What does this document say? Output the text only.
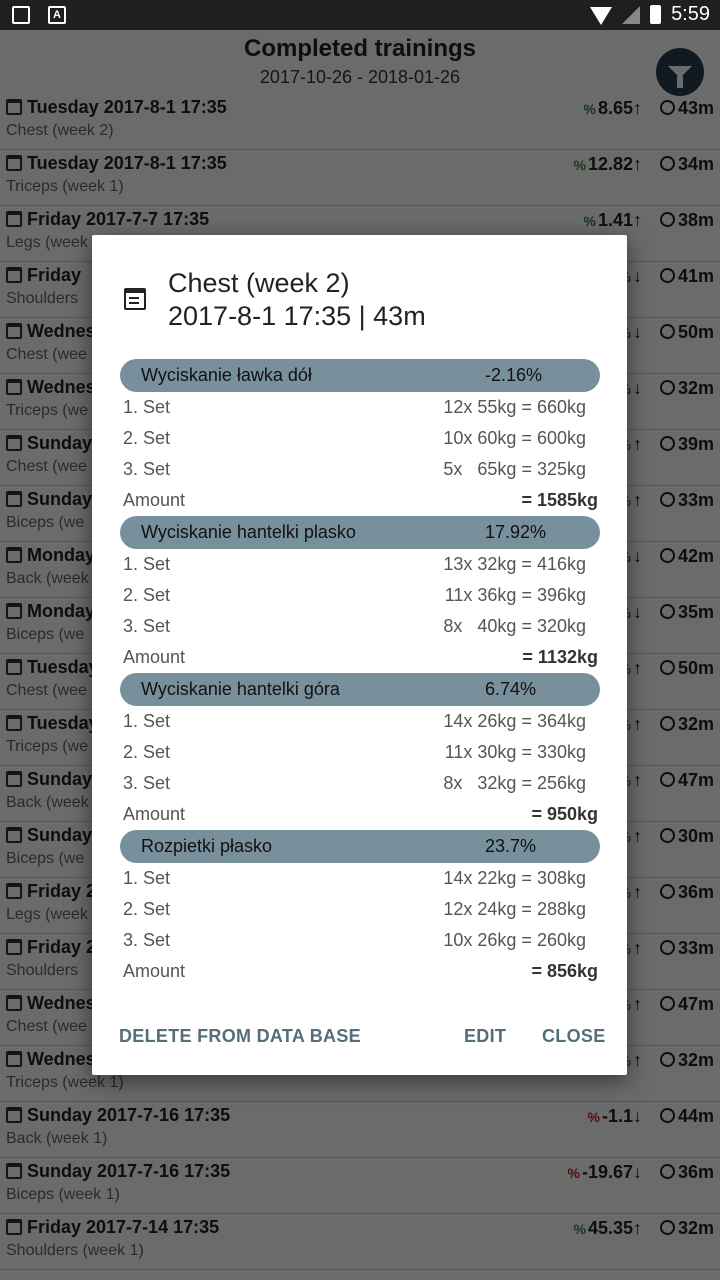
A	5:59
Chest (week 2)
2017-8-1 17:35 | 43m
Wyciskanie ławka dół	-2.16%
1. Set	12x 55kg = 660kg
2. Set	10x 60kg = 600kg
3. Set	5x   65kg = 325kg
Amount	= 1585kg
Wyciskanie hantelki plasko	17.92%
1. Set	13x 32kg = 416kg
2. Set	11x 36kg = 396kg
3. Set	8x   40kg = 320kg
Amount	= 1132kg
Wyciskanie hantelki góra	6.74%
1. Set	14x 26kg = 364kg
2. Set	11x 30kg = 330kg
3. Set	8x   32kg = 256kg
Amount	= 950kg
Rozpietki płasko	23.7%
1. Set	14x 22kg = 308kg
2. Set	12x 24kg = 288kg
3. Set	10x 26kg = 260kg
Amount	= 856kg
DELETE FROM DATA BASE	EDIT CLOSE
